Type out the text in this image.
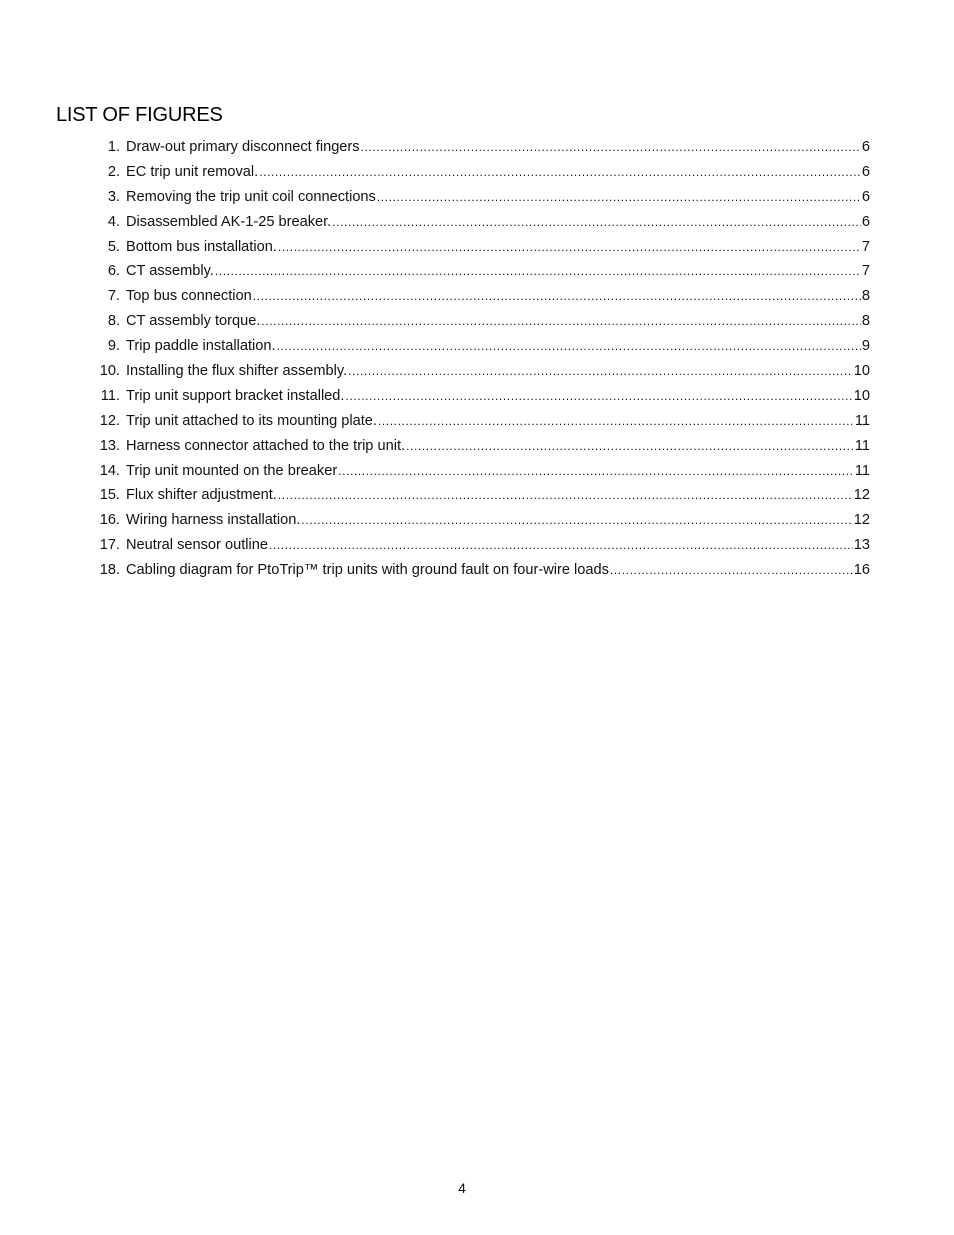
LIST OF FIGURES
1. Draw-out primary disconnect fingers .....	6
2. EC trip unit removal. .....	6
3. Removing the trip unit coil connections .....	6
4. Disassembled AK-1-25 breaker. .....	6
5. Bottom bus installation. .....	7
6. CT assembly. .....	7
7. Top bus connection .....	8
8. CT assembly torque. .....	8
9. Trip paddle installation. .....	9
10. Installing the flux shifter assembly. .....	10
11. Trip unit support bracket installed. .....	10
12. Trip unit attached to its mounting plate. .....	11
13. Harness connector attached to the trip unit. .....	11
14. Trip unit mounted on the breaker .....	11
15. Flux shifter adjustment. .....	12
16. Wiring harness installation. .....	12
17. Neutral sensor outline .....	13
18. Cabling diagram for PtoTrip™ trip units with ground fault on four-wire loads .....	16
4
